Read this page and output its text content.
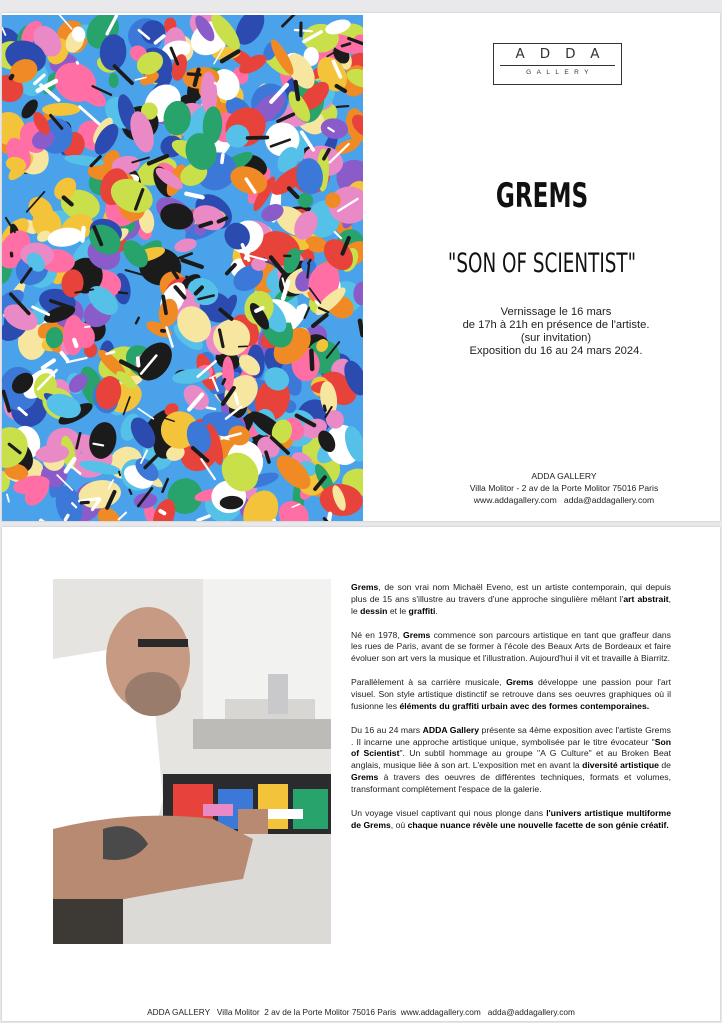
ADDA
GALLERY
GREMS
"SON OF SCIENTIST"
Vernissage le 16 mars
de 17h à 21h en présence de l'artiste.
(sur invitation)
Exposition du 16 au 24 mars 2024.
ADDA GALLERY
Villa Molitor - 2 av de la Porte Molitor 75016 Paris
www.addagallery.com adda@addagallery.com

Grems, de son vrai nom Michaël Eveno, est un artiste contemporain, qui depuis plus de 15 ans s'illustre au travers d'une approche singulière mêlant l'art abstrait, le dessin et le graffiti.

Né en 1978, Grems commence son parcours artistique en tant que graffeur dans les rues de Paris, avant de se former à l'école des Beaux Arts de Bordeaux et faire évoluer son art vers la musique et l'illustration. Aujourd'hui il vit et travaille à Biarritz.

Parallèlement à sa carrière musicale, Grems développe une passion pour l'art visuel. Son style artistique distinctif se retrouve dans ses oeuvres graphiques où il fusionne les éléments du graffiti urbain avec des formes contemporaines.

Du 16 au 24 mars ADDA Gallery présente sa 4ème exposition avec l'artiste Grems . Il incarne une approche artistique unique, symbolisée par le titre évocateur "Son of Scientist". Un subtil hommage au groupe "A G Culture" et au Broken Beat anglais, musique liée à son art. L'exposition met en avant la diversité artistique de Grems à travers des oeuvres de différentes techniques, formats et volumes, transformant complètement l'espace de la galerie.

Un voyage visuel captivant qui nous plonge dans l'univers artistique multiforme de Grems, où chaque nuance révèle une nouvelle facette de son génie créatif.

ADDA GALLERY   Villa Molitor  2 av de la Porte Molitor 75016 Paris  www.addagallery.com   adda@addagallery.com
